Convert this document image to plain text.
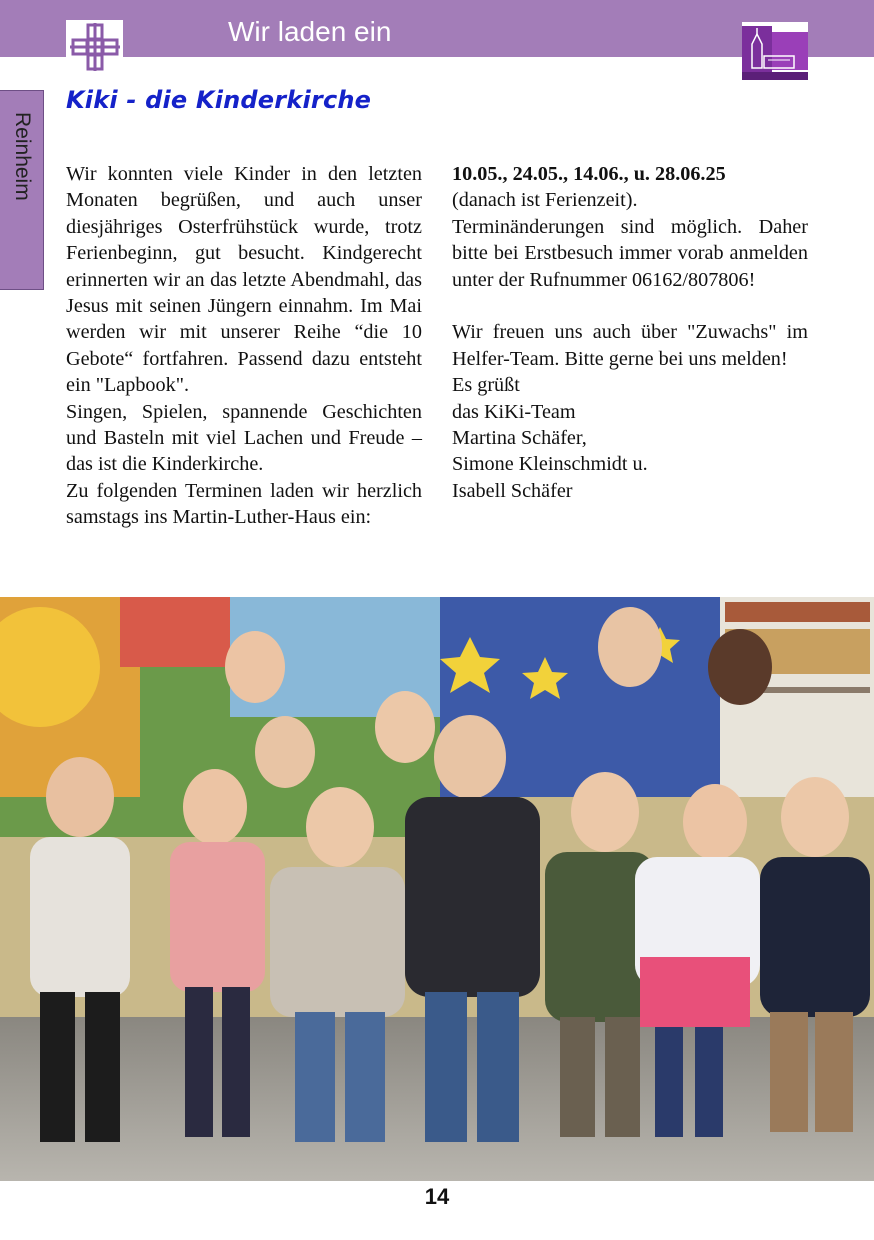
Wir laden ein
Reinheim
Kiki - die Kinderkirche

Wir konnten viele Kinder in den letzten Monaten begrüßen, und auch unser diesjähriges Osterfrühstück wurde, trotz Ferienbeginn, gut besucht. Kindgerecht erinnerten wir an das letzte Abendmahl, das Jesus mit seinen Jüngern einnahm. Im Mai werden wir mit unserer Reihe “die 10 Gebote“ fortfahren. Passend dazu entsteht ein "Lapbook".

Singen, Spielen, spannende Geschichten und Basteln mit viel Lachen und Freude – das ist die Kinderkirche.

Zu folgenden Terminen laden wir herzlich samstags ins Martin-Luther-Haus ein:

10.05., 24.05., 14.06., u. 28.06.25

(danach ist Ferienzeit).

Terminänderungen sind möglich. Daher bitte bei Erstbesuch immer vorab anmelden unter der Rufnummer 06162/807806!

Wir freuen uns auch über "Zuwachs" im Helfer-Team. Bitte gerne bei uns melden!

Es grüßt

das KiKi-Team

Martina Schäfer,

Simone Kleinschmidt u.

Isabell Schäfer

14
